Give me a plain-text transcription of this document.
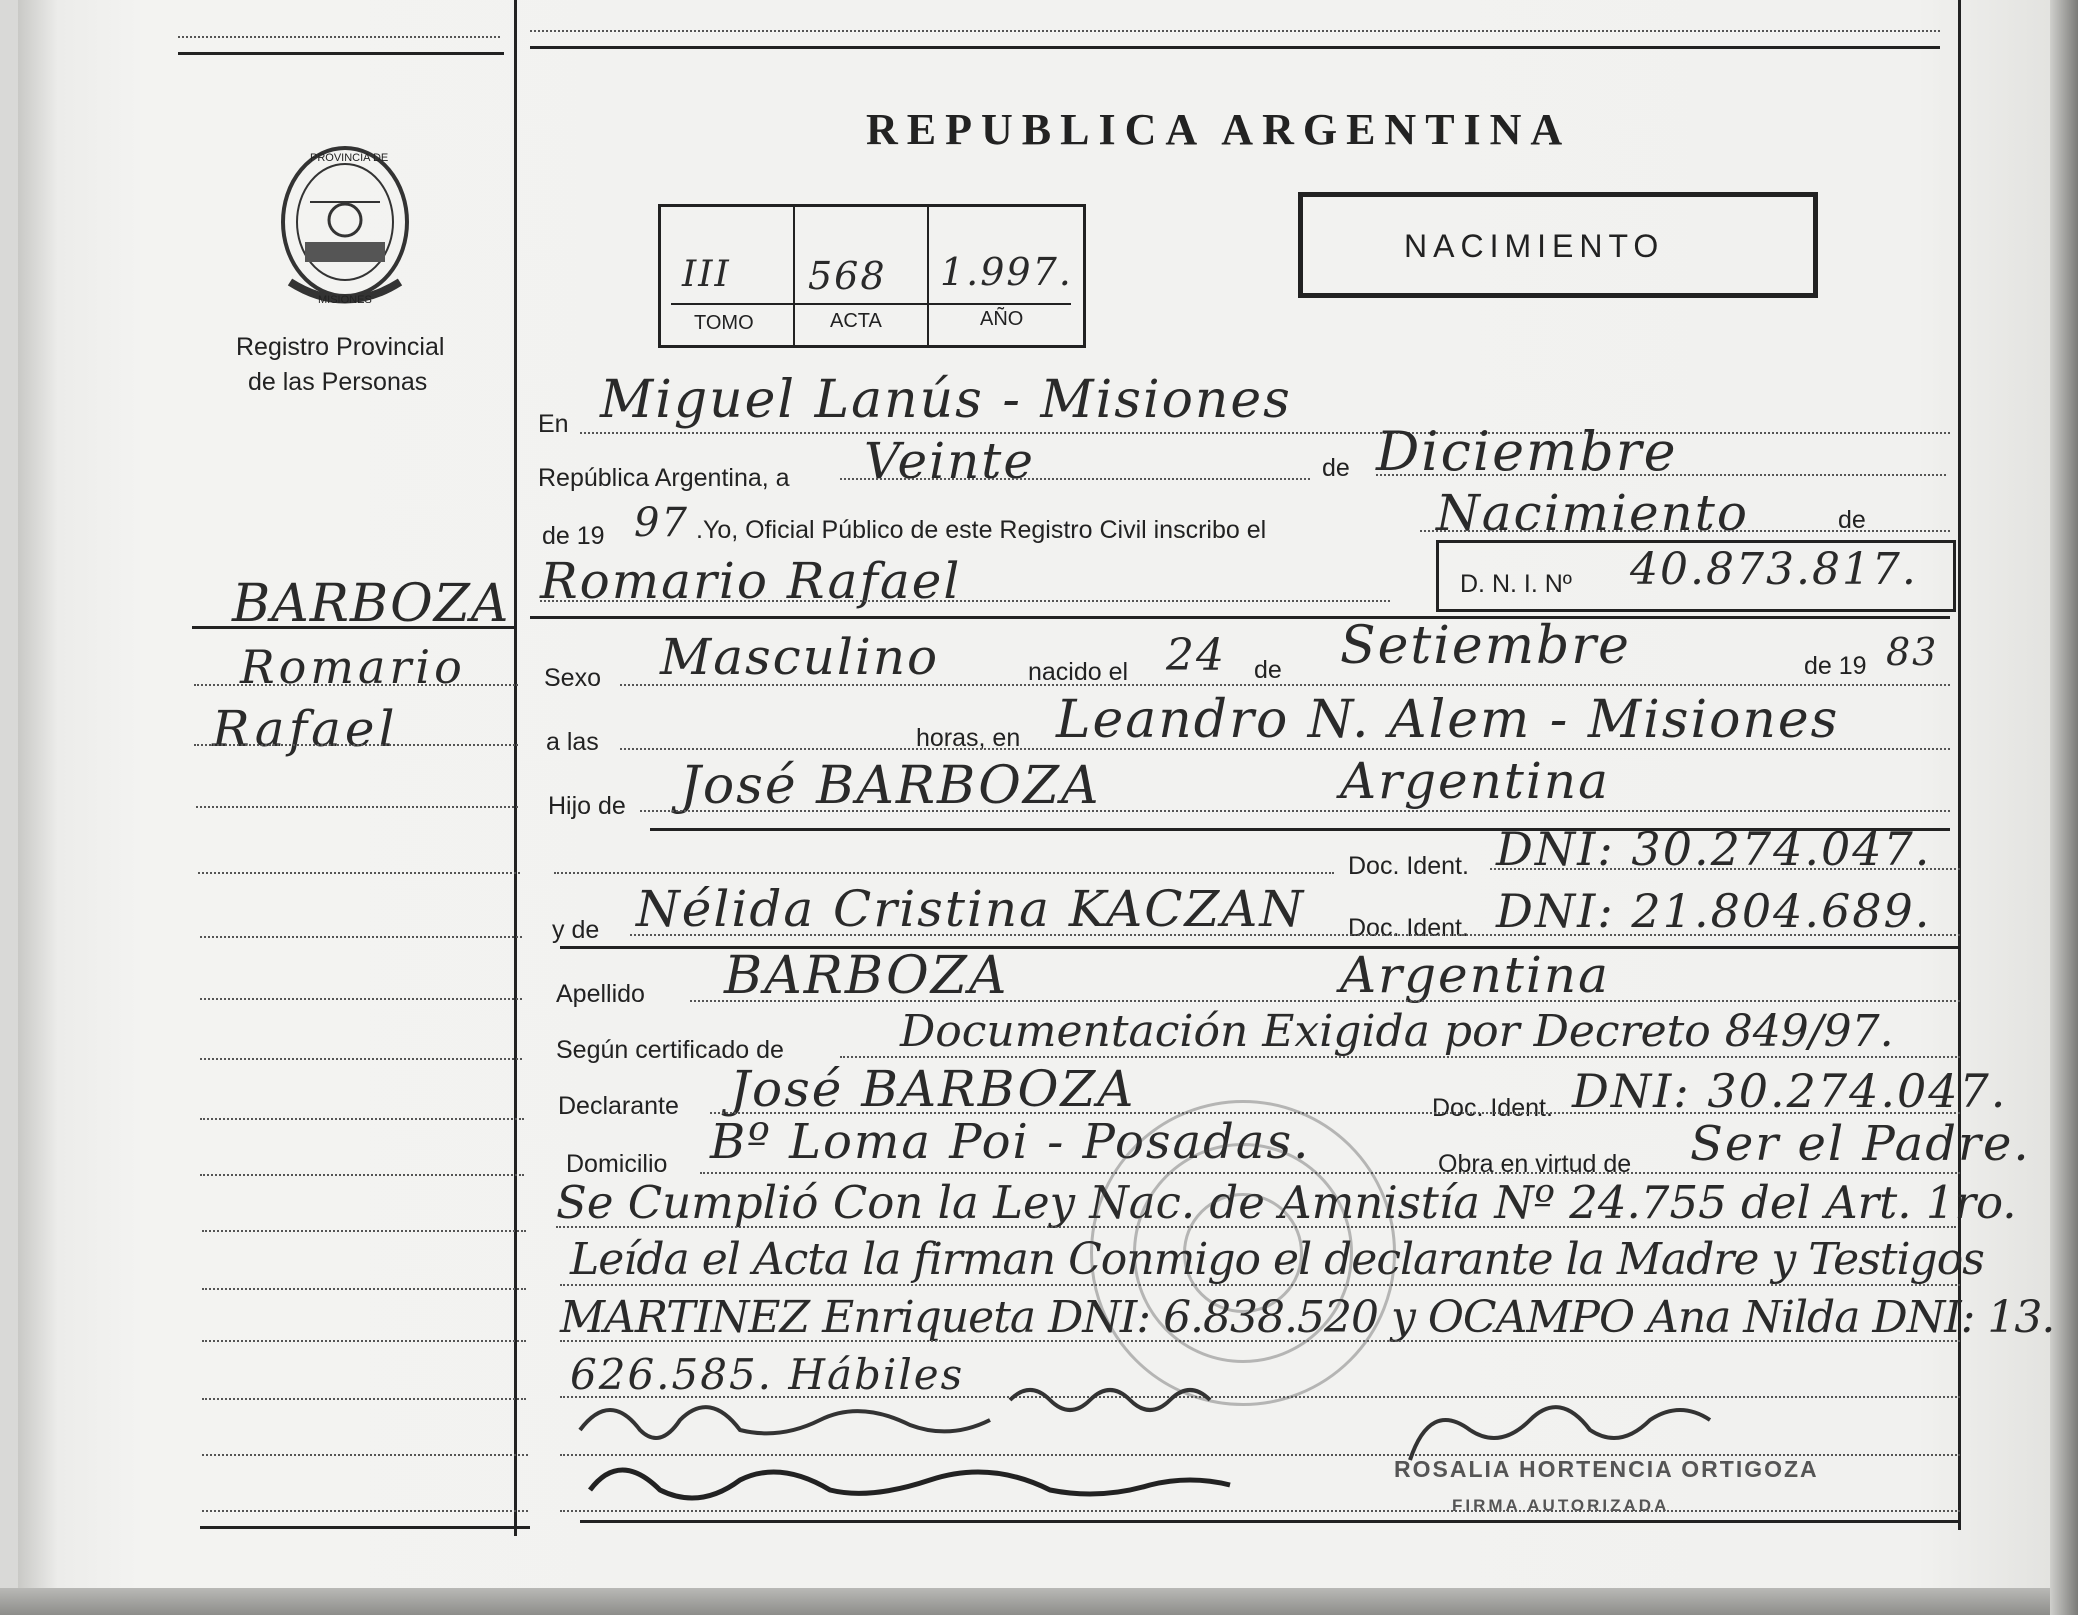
PROVINCIA DE
MISIONES
Registro Provincial
de las Personas
REPUBLICA ARGENTINA
III 568 1.997.
TOMO	ACTA	AÑO
NACIMIENTO
BARBOZA
Romario
Rafael
En Miguel Lanús - Misiones
República Argentina, a Veinte	de Diciembre
de 19 97 .Yo, Oficial Público de este Registro Civil inscribo el	Nacimiento	de
Romario Rafael	D. N. I. Nº 40.873.817.
Sexo Masculino	nacido el 24 de Setiembre	de 19 83
a las	horas, en Leandro N. Alem - Misiones
Hijo de José BARBOZA	Argentina
Doc. Ident. DNI: 30.274.047.
y de Nélida Cristina KACZAN Doc. Ident. DNI: 21.804.689.
Apellido BARBOZA	Argentina
Según certificado de	Documentación Exigida por Decreto 849/97.
Declarante José BARBOZA	Doc. Ident. DNI: 30.274.047.
Domicilio Bº Loma Poi - Posadas.	Obra en virtud de Ser el Padre.
Se Cumplió Con la Ley Nac. de Amnistía Nº 24.755 del Art. 1ro.
Leída el Acta la firman Conmigo el declarante la Madre y Testigos
MARTINEZ Enriqueta DNI: 6.838.520 y OCAMPO Ana Nilda DNI: 13.
626.585. Hábiles
ROSALIA HORTENCIA ORTIGOZA
FIRMA AUTORIZADA
